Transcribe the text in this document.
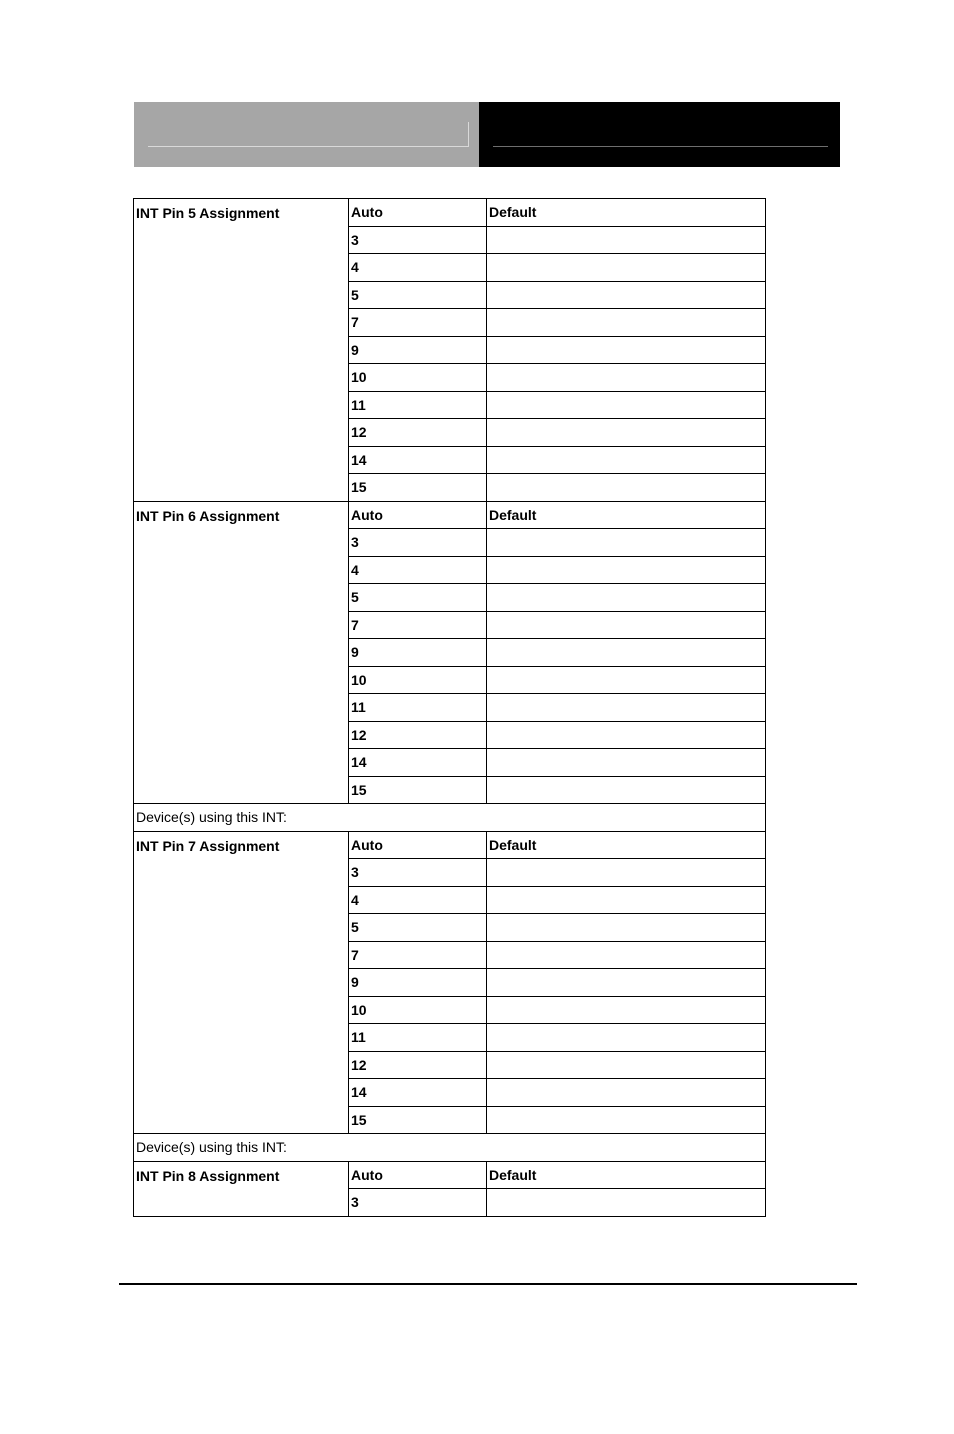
INT Pin 5 Assignment	Auto	Default
	3	
	4	
	5	
	7	
	9	
	10	
	11	
	12	
	14	
	15	
INT Pin 6 Assignment	Auto	Default
	3	
	4	
	5	
	7	
	9	
	10	
	11	
	12	
	14	
	15	
Device(s) using this INT:		
INT Pin 7 Assignment	Auto	Default
	3	
	4	
	5	
	7	
	9	
	10	
	11	
	12	
	14	
	15	
Device(s) using this INT:		
INT Pin 8 Assignment	Auto	Default
	3	
